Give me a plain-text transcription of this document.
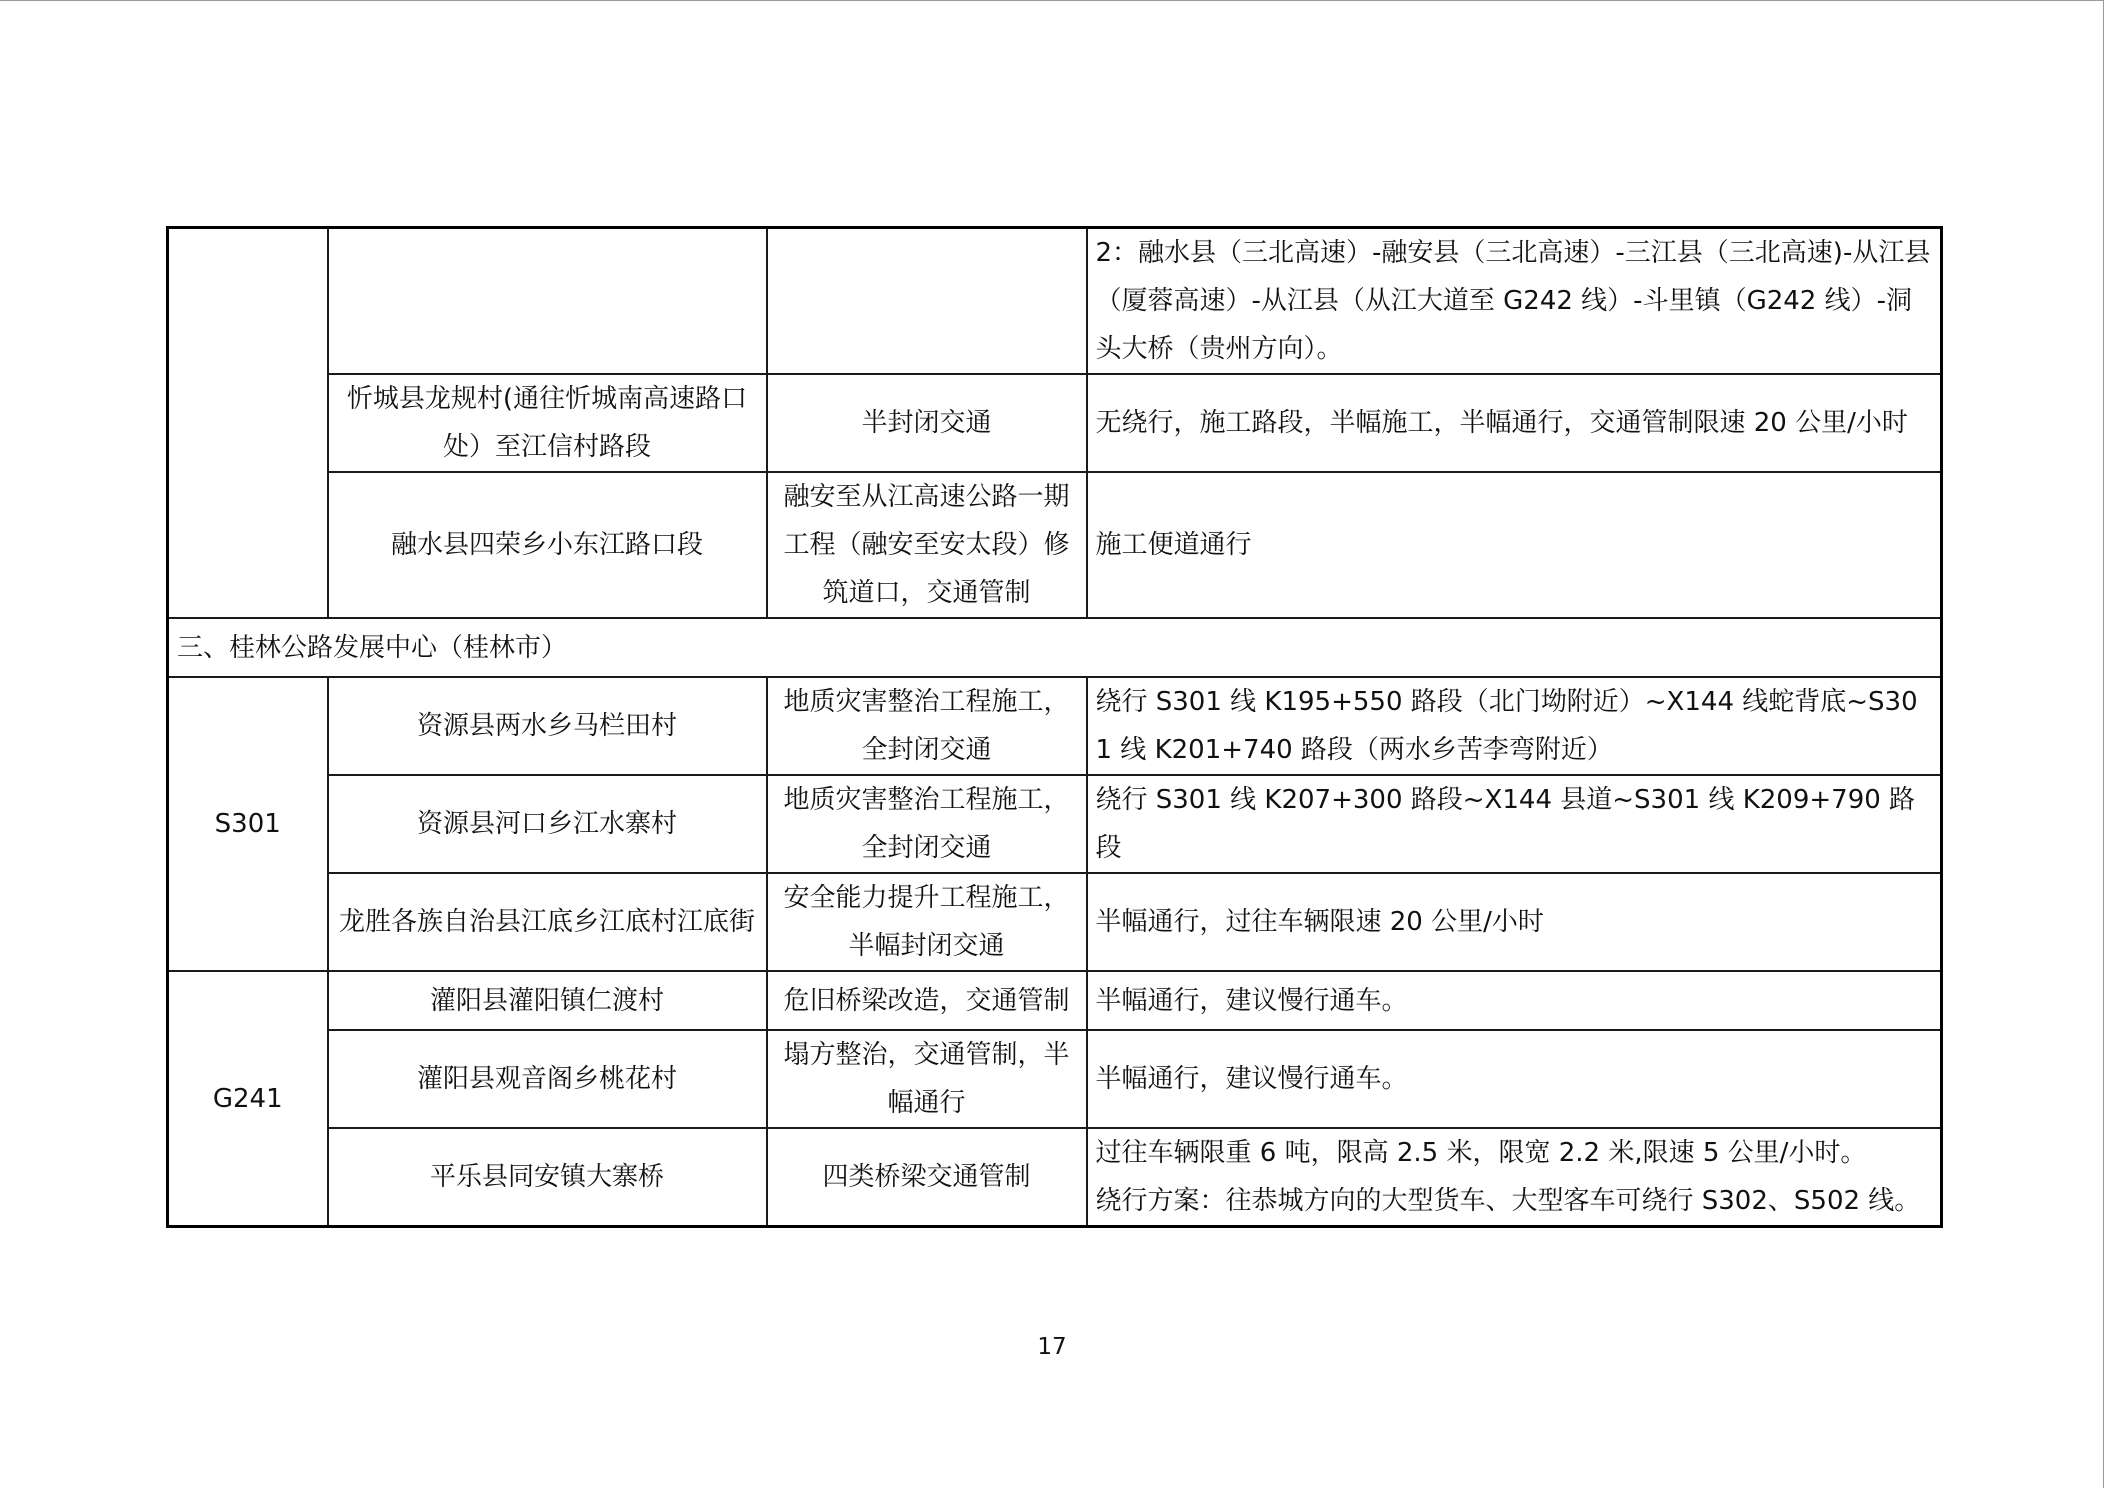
			2：融水县（三北高速）-融安县（三北高速）-三江县（三北高速)-从江县（厦蓉高速）-从江县（从江大道至 G242 线）-斗里镇（G242 线）-洞头大桥（贵州方向）。
	忻城县龙规村(通往忻城南高速路口处）至江信村路段	半封闭交通	无绕行，施工路段，半幅施工，半幅通行，交通管制限速 20 公里/小时
	融水县四荣乡小东江路口段	融安至从江高速公路一期工程（融安至安太段）修筑道口，交通管制	施工便道通行
三、桂林公路发展中心（桂林市）			
S301	资源县两水乡马栏田村	地质灾害整治工程施工，全封闭交通	绕行 S301 线 K195+550 路段（北门坳附近）~X144 线蛇背底~S301 线 K201+740 路段（两水乡苦李弯附近）
	资源县河口乡江水寨村	地质灾害整治工程施工，全封闭交通	绕行 S301 线 K207+300 路段~X144 县道~S301 线 K209+790 路段
	龙胜各族自治县江底乡江底村江底街	安全能力提升工程施工，半幅封闭交通	半幅通行，过往车辆限速 20 公里/小时
G241	灌阳县灌阳镇仁渡村	危旧桥梁改造，交通管制	半幅通行，建议慢行通车。
	灌阳县观音阁乡桃花村	塌方整治，交通管制，半幅通行	半幅通行，建议慢行通车。
	平乐县同安镇大寨桥	四类桥梁交通管制	过往车辆限重 6 吨，限高 2.5 米，限宽 2.2 米,限速 5 公里/小时。
绕行方案：往恭城方向的大型货车、大型客车可绕行 S302、S502 线。
17
